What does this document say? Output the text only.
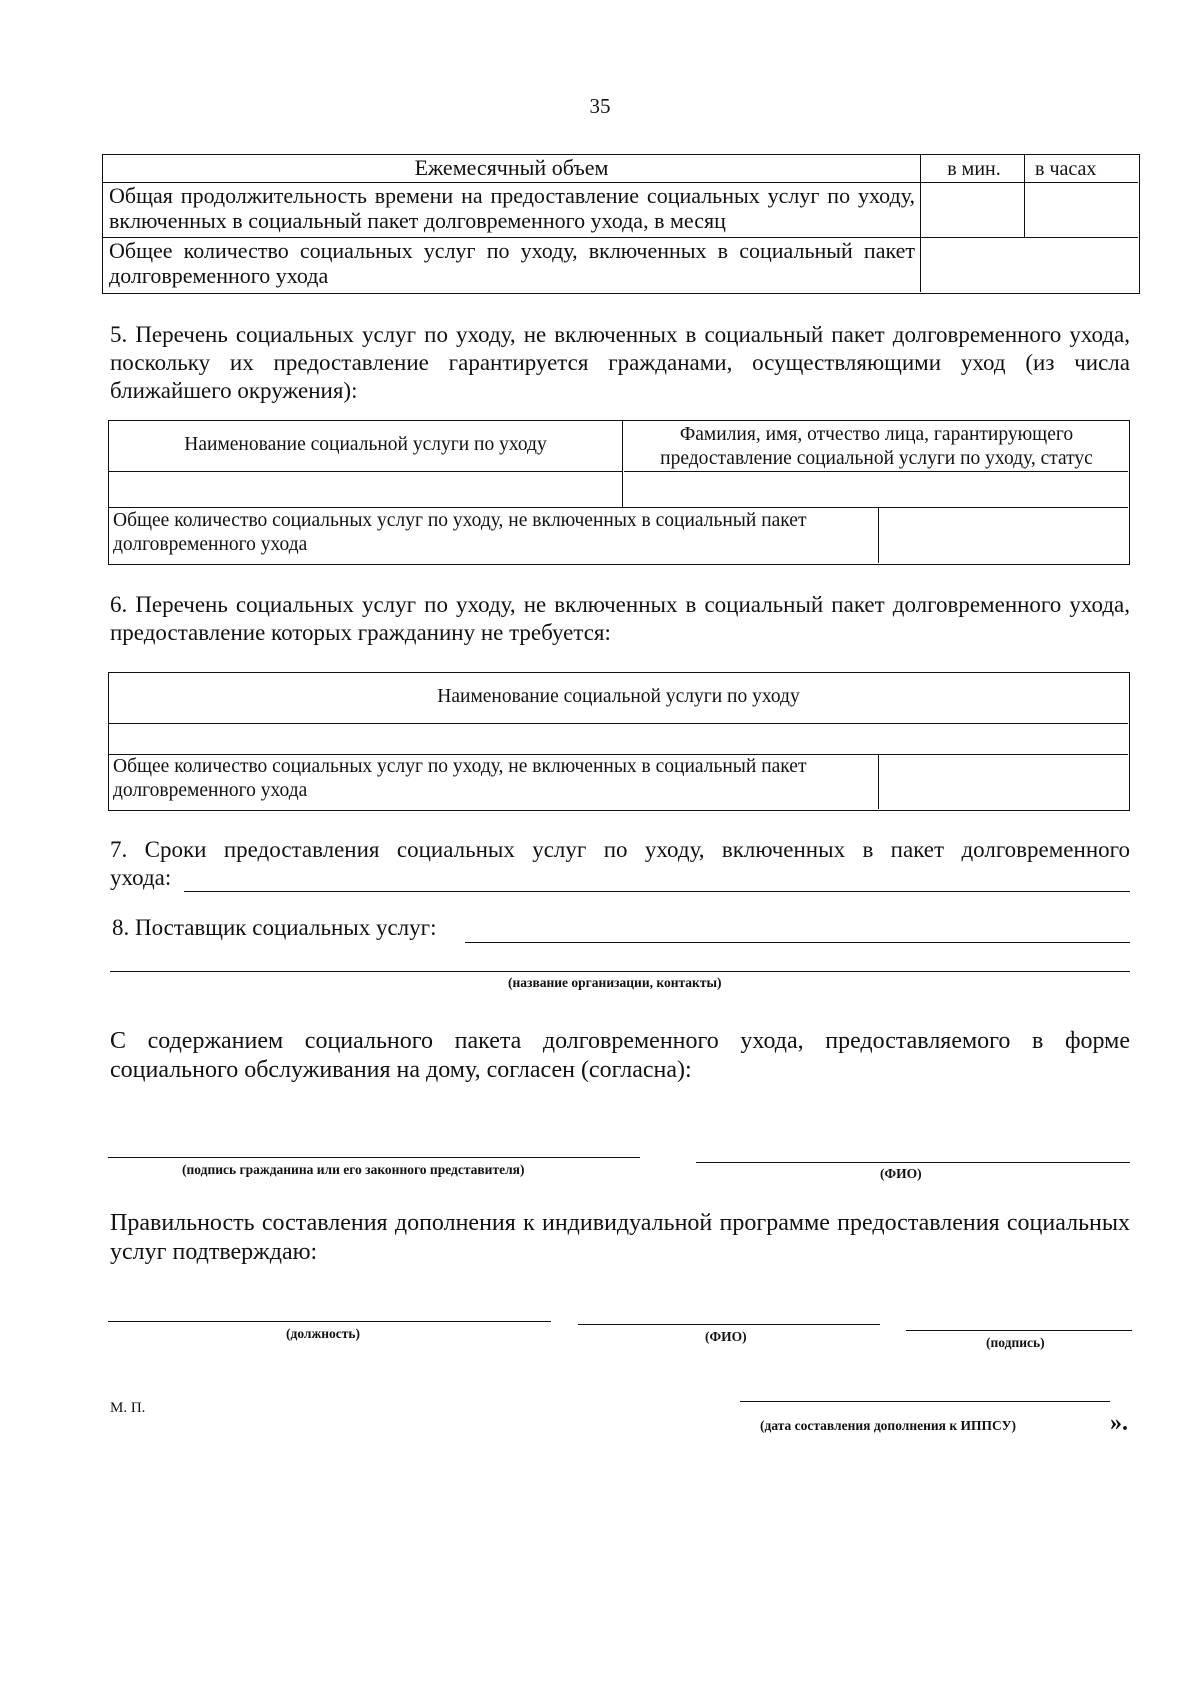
35
Ежемесячный объем	в мин.	в часах
Общая продолжительность времени на предоставление социальных услуг по уходу, включенных в социальный пакет долговременного ухода, в месяц
Общее количество социальных услуг по уходу, включенных в социальный пакет долговременного ухода
5. Перечень социальных услуг по уходу, не включенных в социальный пакет долговременного ухода, поскольку их предоставление гарантируется гражданами, осуществляющими уход (из числа ближайшего окружения):
Наименование социальной услуги по уходу	Фамилия, имя, отчество лица, гарантирующего предоставление социальной услуги по уходу, статус
Общее количество социальных услуг по уходу, не включенных в социальный пакет долговременного ухода
6. Перечень социальных услуг по уходу, не включенных в социальный пакет долговременного ухода, предоставление которых гражданину не требуется:
Наименование социальной услуги по уходу
Общее количество социальных услуг по уходу, не включенных в социальный пакет долговременного ухода
7. Сроки предоставления социальных услуг по уходу, включенных в пакет долговременного
ухода:
8. Поставщик социальных услуг:
(название организации, контакты)
С содержанием социального пакета долговременного ухода, предоставляемого в форме социального обслуживания на дому, согласен (согласна):
(подпись гражданина или его законного представителя)	(ФИО)
Правильность составления дополнения к индивидуальной программе предоставления социальных услуг подтверждаю:
(должность)	(ФИО)	(подпись)
М. П.
(дата составления дополнения к ИППСУ)	».
